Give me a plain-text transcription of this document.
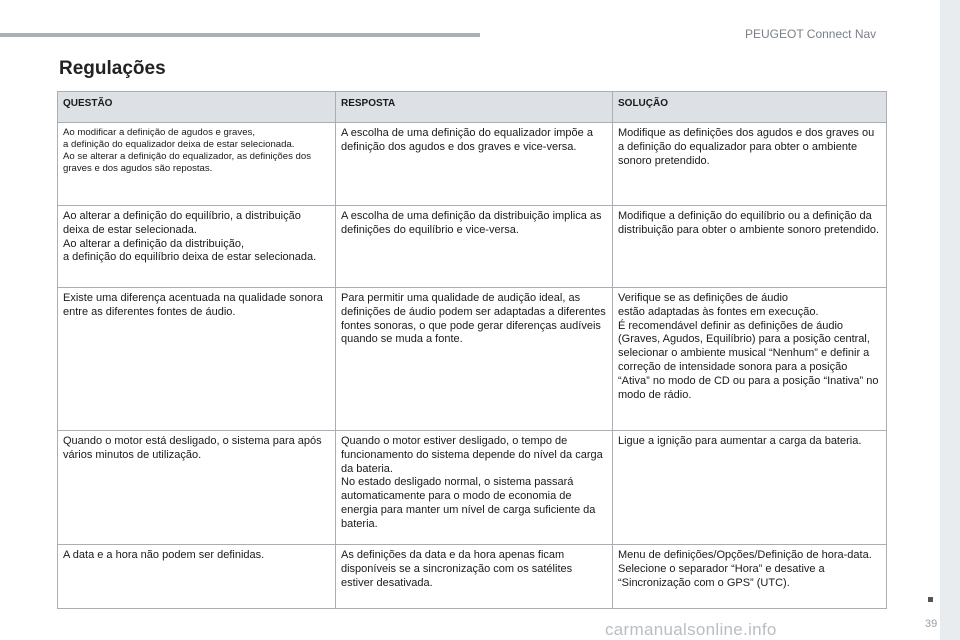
PEUGEOT Connect Nav
Regulações
QUESTÃO	RESPOSTA	SOLUÇÃO
Ao modificar a definição de agudos e graves,
a definição do equalizador deixa de estar selecionada.
Ao se alterar a definição do equalizador, as definições dos graves e dos agudos são repostas.	A escolha de uma definição do equalizador impõe a definição dos agudos e dos graves e vice-versa.	Modifique as definições dos agudos e dos graves ou a definição do equalizador para obter o ambiente sonoro pretendido.
Ao alterar a definição do equilíbrio, a distribuição deixa de estar selecionada.
Ao alterar a definição da distribuição,
a definição do equilíbrio deixa de estar selecionada.	A escolha de uma definição da distribuição implica as definições do equilíbrio e vice-versa.	Modifique a definição do equilíbrio ou a definição da distribuição para obter o ambiente sonoro pretendido.
Existe uma diferença acentuada na qualidade sonora entre as diferentes fontes de áudio.	Para permitir uma qualidade de audição ideal, as definições de áudio podem ser adaptadas a diferentes fontes sonoras, o que pode gerar diferenças audíveis quando se muda a fonte.	Verifique se as definições de áudio
estão adaptadas às fontes em execução.
É recomendável definir as definições de áudio (Graves, Agudos, Equilíbrio) para a posição central, selecionar o ambiente musical “Nenhum” e definir a correção de intensidade sonora para a posição “Ativa” no modo de CD ou para a posição “Inativa” no modo de rádio.
Quando o motor está desligado, o sistema para após vários minutos de utilização.	Quando o motor estiver desligado, o tempo de funcionamento do sistema depende do nível da carga da bateria.
No estado desligado normal, o sistema passará automaticamente para o modo de economia de energia para manter um nível de carga suficiente da bateria.	Ligue a ignição para aumentar a carga da bateria.
A data e a hora não podem ser definidas.	As definições da data e da hora apenas ficam disponíveis se a sincronização com os satélites estiver desativada.	Menu de definições/Opções/Definição de hora-data. Selecione o separador “Hora” e desative a “Sincronização com o GPS” (UTC).
39
carmanualsonline.info
